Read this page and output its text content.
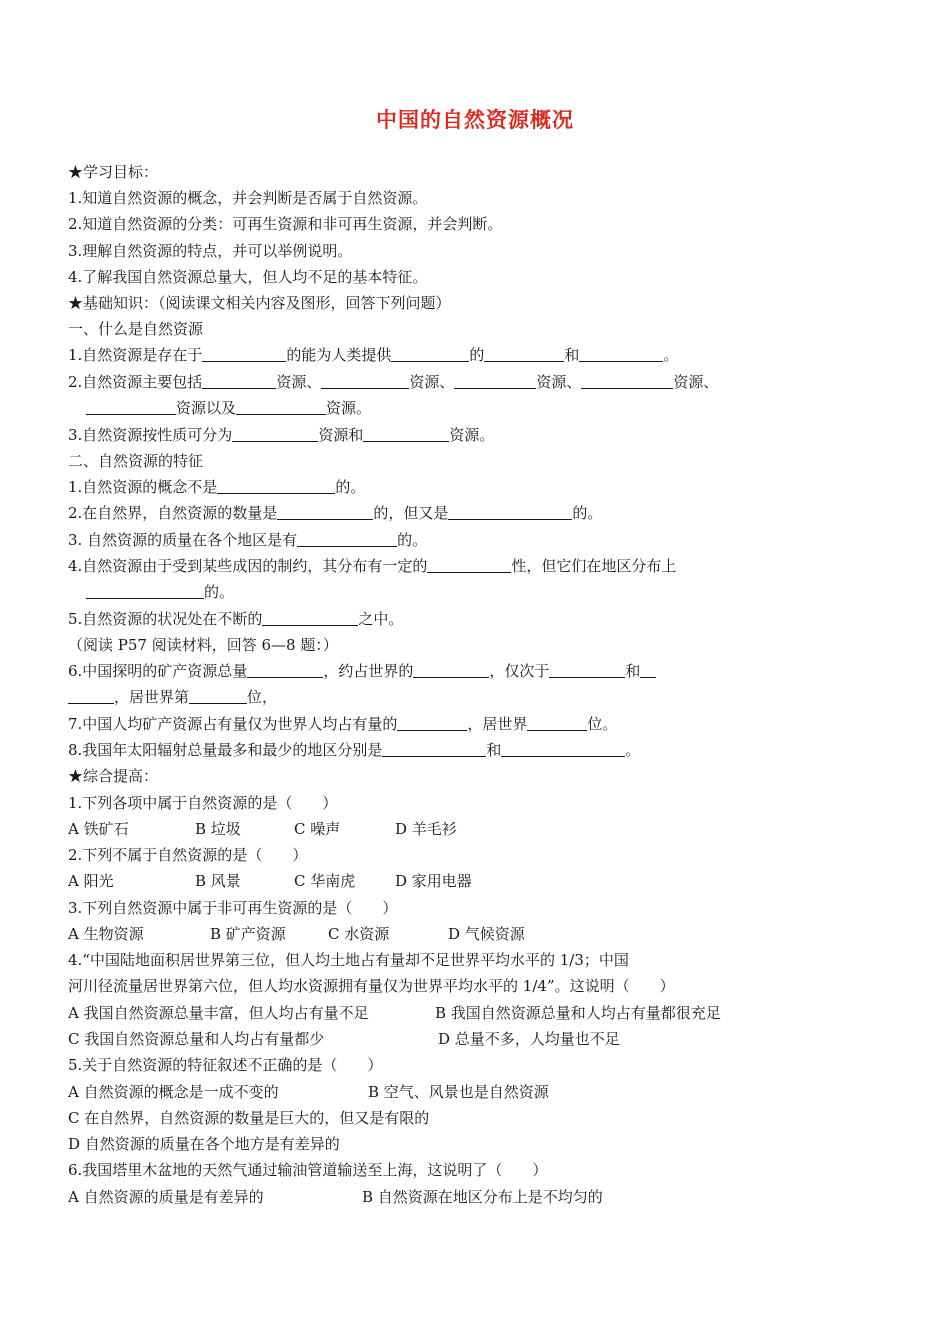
中国的自然资源概况
★学习目标：
1.知道自然资源的概念，并会判断是否属于自然资源。
2.知道自然资源的分类：可再生资源和非可再生资源，并会判断。
3.理解自然资源的特点，并可以举例说明。
4.了解我国自然资源总量大，但人均不足的基本特征。
★基础知识：（阅读课文相关内容及图形，回答下列问题）
一、什么是自然资源
1.自然资源是存在于	的能为人类提供	的	和	。
2.自然资源主要包括	资源、	资源、	资源、	资源、
资源以及	资源。
3.自然资源按性质可分为	资源和	资源。
二、自然资源的特征
1.自然资源的概念不是	的。
2.在自然界，自然资源的数量是	的，但又是	的。
3. 自然资源的质量在各个地区是有	的。
4.自然资源由于受到某些成因的制约，其分布有一定的	性，但它们在地区分布上
的。
5.自然资源的状况处在不断的	之中。
（阅读 P57 阅读材料，回答 6—8 题：）
6.中国探明的矿产资源总量	，约占世界的	，仅次于	和
，居世界第	位，
7.中国人均矿产资源占有量仅为世界人均占有量的	，居世界	位。
8.我国年太阳辐射总量最多和最少的地区分别是	和	。
★综合提高：
1.下列各项中属于自然资源的是（　　）
A 铁矿石	B 垃圾	C 噪声	D 羊毛衫
2.下列不属于自然资源的是（　　）
A 阳光	B 风景	C 华南虎	D 家用电器
3.下列自然资源中属于非可再生资源的是（　　）
A 生物资源	B 矿产资源	C 水资源	D 气候资源
4.“中国陆地面积居世界第三位，但人均土地占有量却不足世界平均水平的 1/3；中国
河川径流量居世界第六位，但人均水资源拥有量仅为世界平均水平的 1/4”。这说明（　　）
A 我国自然资源总量丰富，但人均占有量不足	B 我国自然资源总量和人均占有量都很充足
C 我国自然资源总量和人均占有量都少	D 总量不多，人均量也不足
5.关于自然资源的特征叙述不正确的是（　　）
A 自然资源的概念是一成不变的	B 空气、风景也是自然资源
C 在自然界，自然资源的数量是巨大的，但又是有限的
D 自然资源的质量在各个地方是有差异的
6.我国塔里木盆地的天然气通过输油管道输送至上海，这说明了（　　）
A 自然资源的质量是有差异的	B 自然资源在地区分布上是不均匀的
